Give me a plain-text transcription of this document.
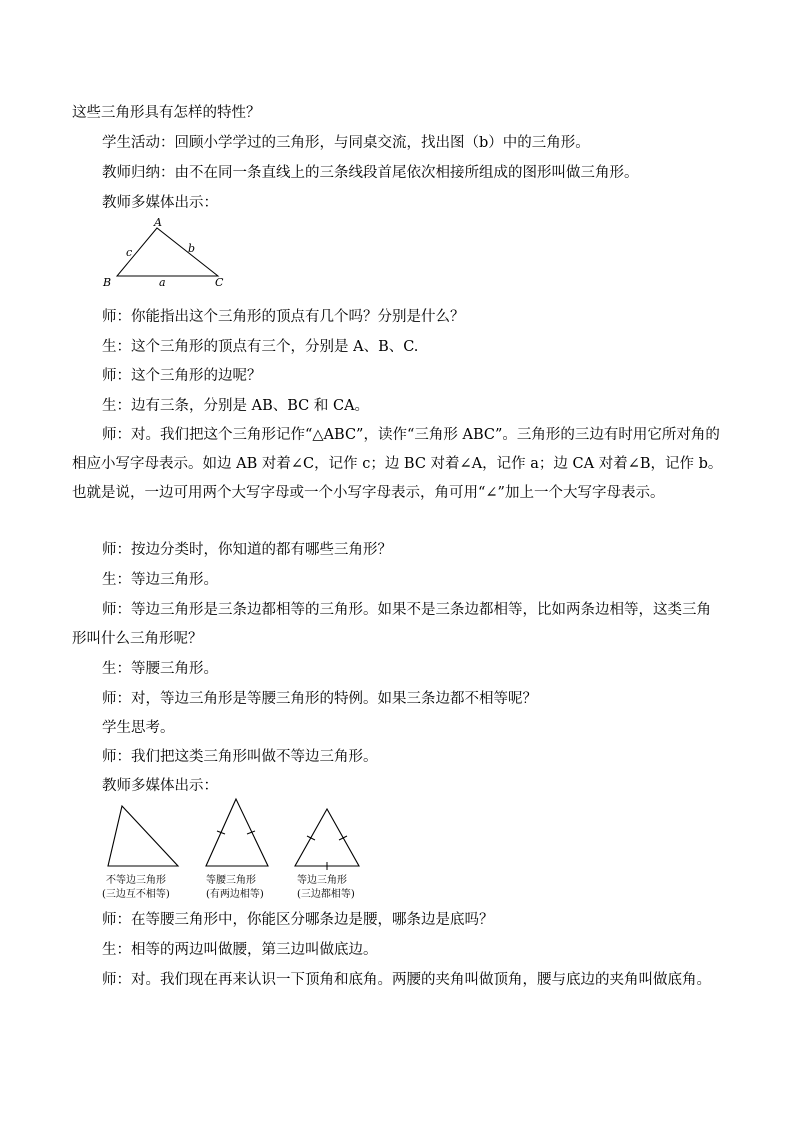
这些三角形具有怎样的特性？

学生活动：回顾小学学过的三角形，与同桌交流，找出图（b）中的三角形。

教师归纳：由不在同一条直线上的三条线段首尾依次相接所组成的图形叫做三角形。

教师多媒体出示：

A
B	C
a
b
c

师：你能指出这个三角形的顶点有几个吗？分别是什么？

生：这个三角形的顶点有三个，分别是 A、B、C.

师：这个三角形的边呢？

生：边有三条，分别是 AB、BC 和 CA。

师：对。我们把这个三角形记作“△ABC”，读作“三角形 ABC”。三角形的三边有时用它所对角的相应小写字母表示。如边 AB 对着∠C，记作 c；边 BC 对着∠A，记作 a；边 CA 对着∠B，记作 b。也就是说，一边可用两个大写字母或一个小写字母表示，角可用“∠”加上一个大写字母表示。

师：按边分类时，你知道的都有哪些三角形？

生：等边三角形。

师：等边三角形是三条边都相等的三角形。如果不是三条边都相等，比如两条边相等，这类三角形叫什么三角形呢？

生：等腰三角形。

师：对，等边三角形是等腰三角形的特例。如果三条边都不相等呢？

学生思考。

师：我们把这类三角形叫做不等边三角形。

教师多媒体出示：

不等边三角形
(三边互不相等)
等腰三角形
(有两边相等)
等边三角形
(三边都相等)

师：在等腰三角形中，你能区分哪条边是腰，哪条边是底吗？

生：相等的两边叫做腰，第三边叫做底边。

师：对。我们现在再来认识一下顶角和底角。两腰的夹角叫做顶角，腰与底边的夹角叫做底角。
